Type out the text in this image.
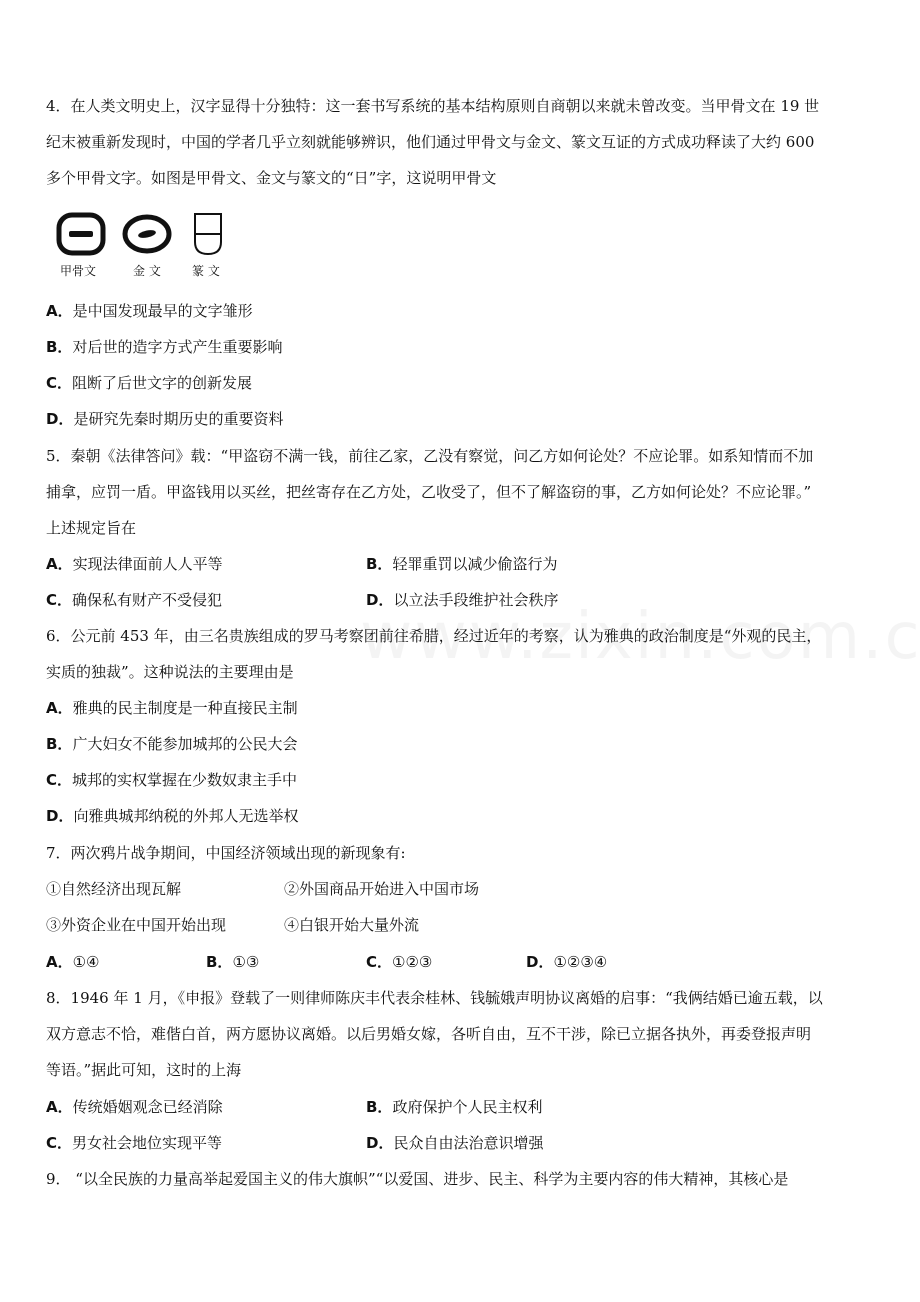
4．在人类文明史上，汉字显得十分独特：这一套书写系统的基本结构原则自商朝以来就未曾改变。当甲骨文在 19 世
纪末被重新发现时，中国的学者几乎立刻就能够辨识，他们通过甲骨文与金文、篆文互证的方式成功释读了大约 600
多个甲骨文字。如图是甲骨文、金文与篆文的“日”字，这说明甲骨文
甲骨文	金 文	篆 文
A．是中国发现最早的文字雏形
B．对后世的造字方式产生重要影响
C．阻断了后世文字的创新发展
D．是研究先秦时期历史的重要资料
5．秦朝《法律答问》载：“甲盗窃不满一钱，前往乙家，乙没有察觉，问乙方如何论处？不应论罪。如系知情而不加
捕拿，应罚一盾。甲盗钱用以买丝，把丝寄存在乙方处，乙收受了，但不了解盗窃的事，乙方如何论处？不应论罪。”
上述规定旨在
A．实现法律面前人人平等	B．轻罪重罚以减少偷盗行为
C．确保私有财产不受侵犯	D．以立法手段维护社会秩序
6．公元前 453 年，由三名贵族组成的罗马考察团前往希腊，经过近年的考察，认为雅典的政治制度是“外观的民主，
实质的独裁”。这种说法的主要理由是
A．雅典的民主制度是一种直接民主制
B．广大妇女不能参加城邦的公民大会
C．城邦的实权掌握在少数奴隶主手中
D．向雅典城邦纳税的外邦人无选举权
7．两次鸦片战争期间，中国经济领域出现的新现象有:
①自然经济出现瓦解	②外国商品开始进入中国市场
③外资企业在中国开始出现	④白银开始大量外流
A．①④	B．①③	C．①②③	D．①②③④
8．1946 年 1 月，《申报》登载了一则律师陈庆丰代表余桂林、钱毓娥声明协议离婚的启事：“我俩结婚已逾五载，以
双方意志不恰，难偕白首，两方愿协议离婚。以后男婚女嫁，各听自由，互不干涉，除已立据各执外，再委登报声明
等语。”据此可知，这时的上海
A．传统婚姻观念已经消除	B．政府保护个人民主权利
C．男女社会地位实现平等	D．民众自由法治意识增强
9． “以全民族的力量高举起爱国主义的伟大旗帜”“以爱国、进步、民主、科学为主要内容的伟大精神，其核心是
